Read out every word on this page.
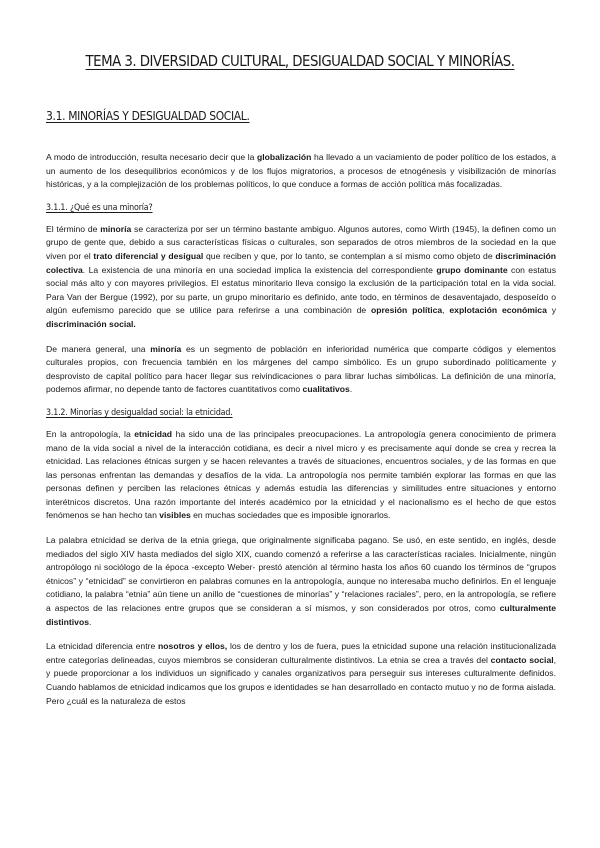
TEMA 3. DIVERSIDAD CULTURAL, DESIGUALDAD SOCIAL Y MINORÍAS.
3.1. MINORÍAS Y DESIGUALDAD SOCIAL.

A modo de introducción, resulta necesario decir que la globalización ha llevado a un vaciamiento de poder político de los estados, a un aumento de los desequilibrios económicos y de los flujos migratorios, a procesos de etnogénesis y visibilización de minorías históricas, y a la complejización de los problemas políticos, lo que conduce a formas de acción política más focalizadas.

3.1.1. ¿Qué es una minoría?

El término de minoría se caracteriza por ser un término bastante ambiguo. Algunos autores, como Wirth (1945), la definen como un grupo de gente que, debido a sus características físicas o culturales, son separados de otros miembros de la sociedad en la que viven por el trato diferencial y desigual que reciben y que, por lo tanto, se contemplan a sí mismo como objeto de discriminación colectiva. La existencia de una minoría en una sociedad implica la existencia del correspondiente grupo dominante con estatus social más alto y con mayores privilegios. El estatus minoritario lleva consigo la exclusión de la participación total en la vida social. Para Van der Bergue (1992), por su parte, un grupo minoritario es definido, ante todo, en términos de desaventajado, desposeído o algún eufemismo parecido que se utilice para referirse a una combinación de opresión política, explotación económica y discriminación social.

De manera general, una minoría es un segmento de población en inferioridad numérica que comparte códigos y elementos culturales propios, con frecuencia también en los márgenes del campo simbólico. Es un grupo subordinado políticamente y desprovisto de capital político para hacer llegar sus reivindicaciones o para librar luchas simbólicas. La definición de una minoría, podemos afirmar, no depende tanto de factores cuantitativos como cualitativos.

3.1.2. Minorías y desigualdad social: la etnicidad.

En la antropología, la etnicidad ha sido una de las principales preocupaciones. La antropología genera conocimiento de primera mano de la vida social a nivel de la interacción cotidiana, es decir a nivel micro y es precisamente aquí donde se crea y recrea la etnicidad. Las relaciones étnicas surgen y se hacen relevantes a través de situaciones, encuentros sociales, y de las formas en que las personas enfrentan las demandas y desafíos de la vida. La antropología nos permite también explorar las formas en que las personas definen y perciben las relaciones étnicas y además estudia las diferencias y similitudes entre situaciones y entorno interétnicos discretos. Una razón importante del interés académico por la etnicidad y el nacionalismo es el hecho de que estos fenómenos se han hecho tan visibles en muchas sociedades que es imposible ignorarlos.

La palabra etnicidad se deriva de la etnia griega, que originalmente significaba pagano. Se usó, en este sentido, en inglés, desde mediados del siglo XIV hasta mediados del siglo XIX, cuando comenzó a referirse a las características raciales. Inicialmente, ningún antropólogo ni sociólogo de la época -excepto Weber- prestó atención al término hasta los años 60 cuando los términos de “grupos étnicos” y “etnicidad” se convirtieron en palabras comunes en la antropología, aunque no interesaba mucho definirlos. En el lenguaje cotidiano, la palabra “etnia” aún tiene un anillo de “cuestiones de minorías” y “relaciones raciales”, pero, en la antropología, se refiere a aspectos de las relaciones entre grupos que se consideran a sí mismos, y son considerados por otros, como culturalmente distintivos.

La etnicidad diferencia entre nosotros y ellos, los de dentro y los de fuera, pues la etnicidad supone una relación institucionalizada entre categorías delineadas, cuyos miembros se consideran culturalmente distintivos. La etnia se crea a través del contacto social, y puede proporcionar a los individuos un significado y canales organizativos para perseguir sus intereses culturalmente definidos. Cuando hablamos de etnicidad indicamos que los grupos e identidades se han desarrollado en contacto mutuo y no de forma aislada. Pero ¿cuál es la naturaleza de estos
